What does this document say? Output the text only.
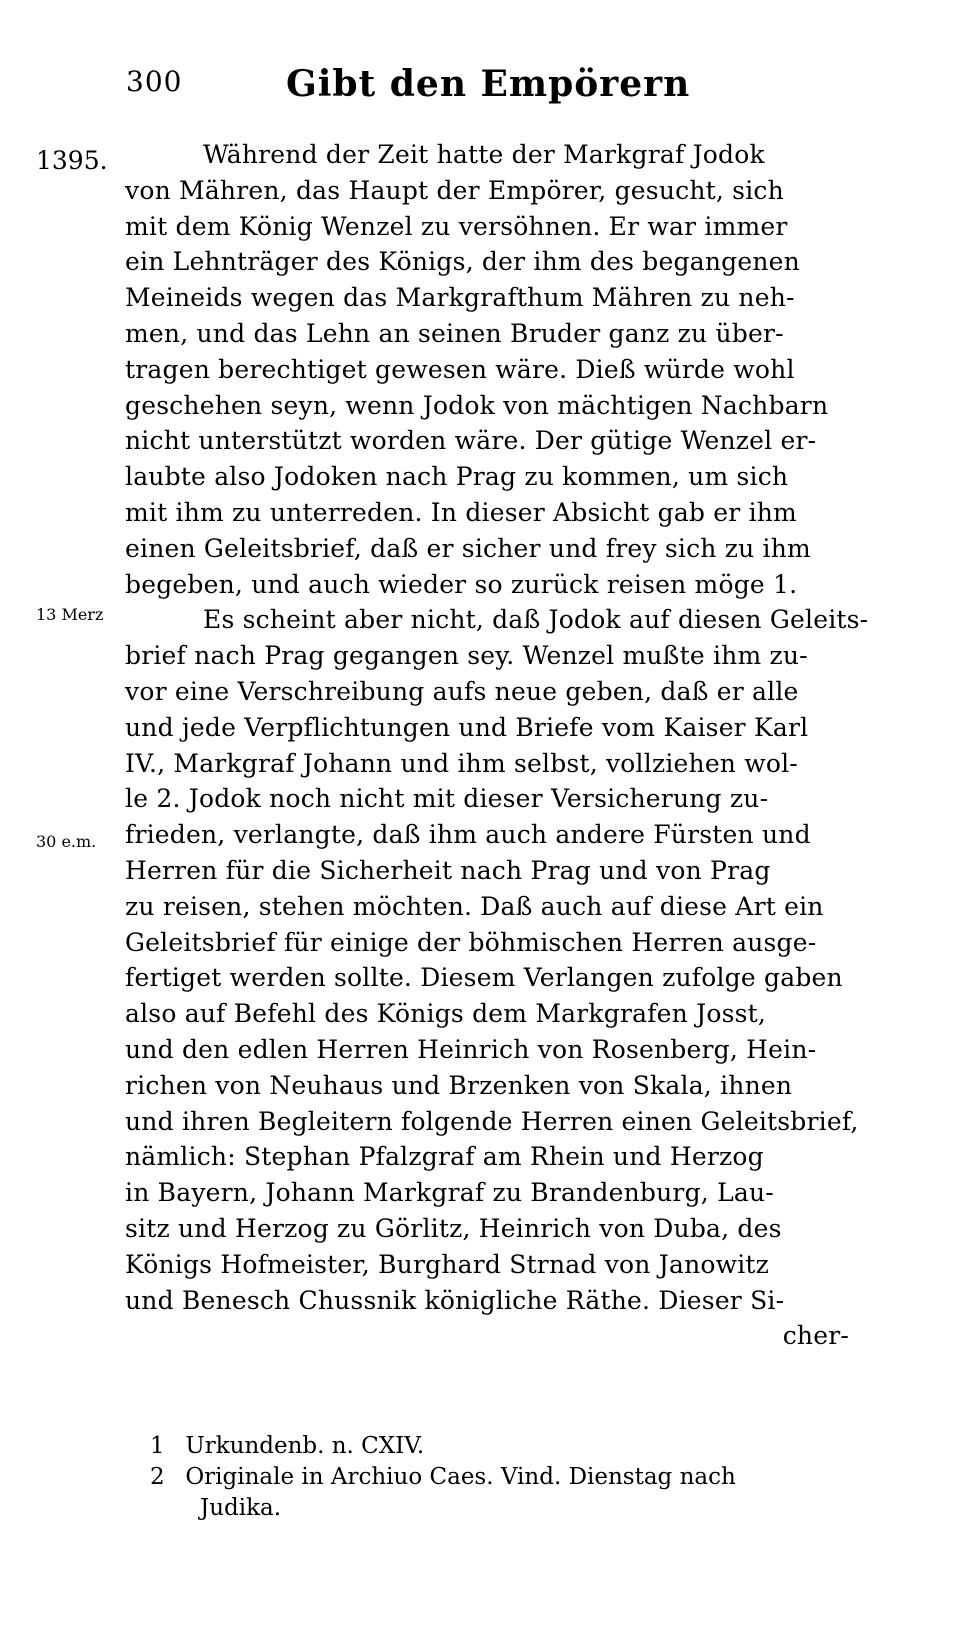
300	Gibt den Empörern
1395.
13 Merz
30 e.m.
Während der Zeit hatte der Markgraf Jodok
von Mähren, das Haupt der Empörer, gesucht, sich
mit dem König Wenzel zu versöhnen. Er war immer
ein Lehnträger des Königs, der ihm des begangenen
Meineids wegen das Markgrafthum Mähren zu neh-
men, und das Lehn an seinen Bruder ganz zu über-
tragen berechtiget gewesen wäre. Dieß würde wohl
geschehen seyn, wenn Jodok von mächtigen Nachbarn
nicht unterstützt worden wäre. Der gütige Wenzel er-
laubte also Jodoken nach Prag zu kommen, um sich
mit ihm zu unterreden. In dieser Absicht gab er ihm
einen Geleitsbrief, daß er sicher und frey sich zu ihm
begeben, und auch wieder so zurück reisen möge 1.
Es scheint aber nicht, daß Jodok auf diesen Geleits-
brief nach Prag gegangen sey. Wenzel mußte ihm zu-
vor eine Verschreibung aufs neue geben, daß er alle
und jede Verpflichtungen und Briefe vom Kaiser Karl
IV., Markgraf Johann und ihm selbst, vollziehen wol-
le 2. Jodok noch nicht mit dieser Versicherung zu-
frieden, verlangte, daß ihm auch andere Fürsten und
Herren für die Sicherheit nach Prag und von Prag
zu reisen, stehen möchten. Daß auch auf diese Art ein
Geleitsbrief für einige der böhmischen Herren ausge-
fertiget werden sollte. Diesem Verlangen zufolge gaben
also auf Befehl des Königs dem Markgrafen Josst,
und den edlen Herren Heinrich von Rosenberg, Hein-
richen von Neuhaus und Brzenken von Skala, ihnen
und ihren Begleitern folgende Herren einen Geleitsbrief,
nämlich: Stephan Pfalzgraf am Rhein und Herzog
in Bayern, Johann Markgraf zu Brandenburg, Lau-
sitz und Herzog zu Görlitz, Heinrich von Duba, des
Königs Hofmeister, Burghard Strnad von Janowitz
und Benesch Chussnik königliche Räthe. Dieser Si-
cher-
1 Urkundenb. n. CXIV.
2 Originale in Archiuo Caes. Vind. Dienstag nach
Judika.
